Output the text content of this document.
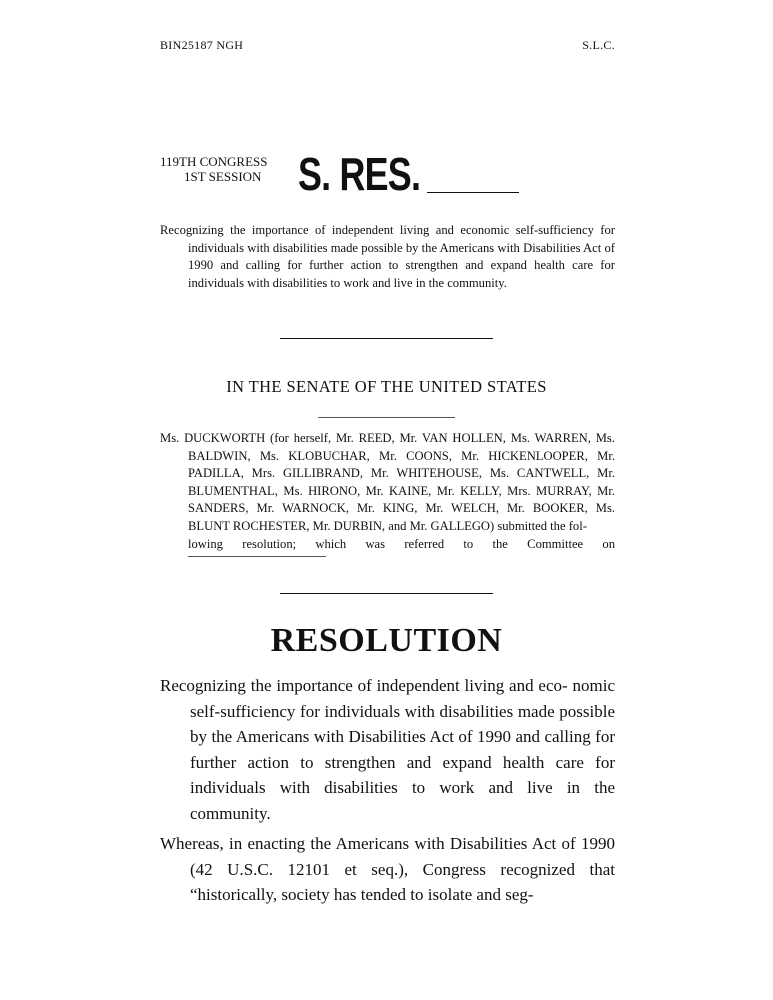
BIN25187 NGH	S.L.C.
119TH CONGRESS
1ST SESSION S. RES.
Recognizing the importance of independent living and economic self-sufficiency for individuals with disabilities made possible by the Americans with Disabilities Act of 1990 and calling for further action to strengthen and expand health care for individuals with disabilities to work and live in the community.
IN THE SENATE OF THE UNITED STATES
Ms. DUCKWORTH (for herself, Mr. REED, Mr. VAN HOLLEN, Ms. WARREN, Ms. BALDWIN, Ms. KLOBUCHAR, Mr. COONS, Mr. HICKENLOOPER, Mr. PADILLA, Mrs. GILLIBRAND, Mr. WHITEHOUSE, Ms. CANTWELL, Mr. BLUMENTHAL, Ms. HIRONO, Mr. KAINE, Mr. KELLY, Mrs. MURRAY, Mr. SANDERS, Mr. WARNOCK, Mr. KING, Mr. WELCH, Mr. BOOKER, Ms. BLUNT ROCHESTER, Mr. DURBIN, and Mr. GALLEGO) submitted the fol-
lowing resolution; which was referred to the Committee on
RESOLUTION
Recognizing the importance of independent living and eco- nomic self-sufficiency for individuals with disabilities made possible by the Americans with Disabilities Act of 1990 and calling for further action to strengthen and expand health care for individuals with disabilities to work and live in the community.
Whereas, in enacting the Americans with Disabilities Act of 1990 (42 U.S.C. 12101 et seq.), Congress recognized that “historically, society has tended to isolate and seg-
